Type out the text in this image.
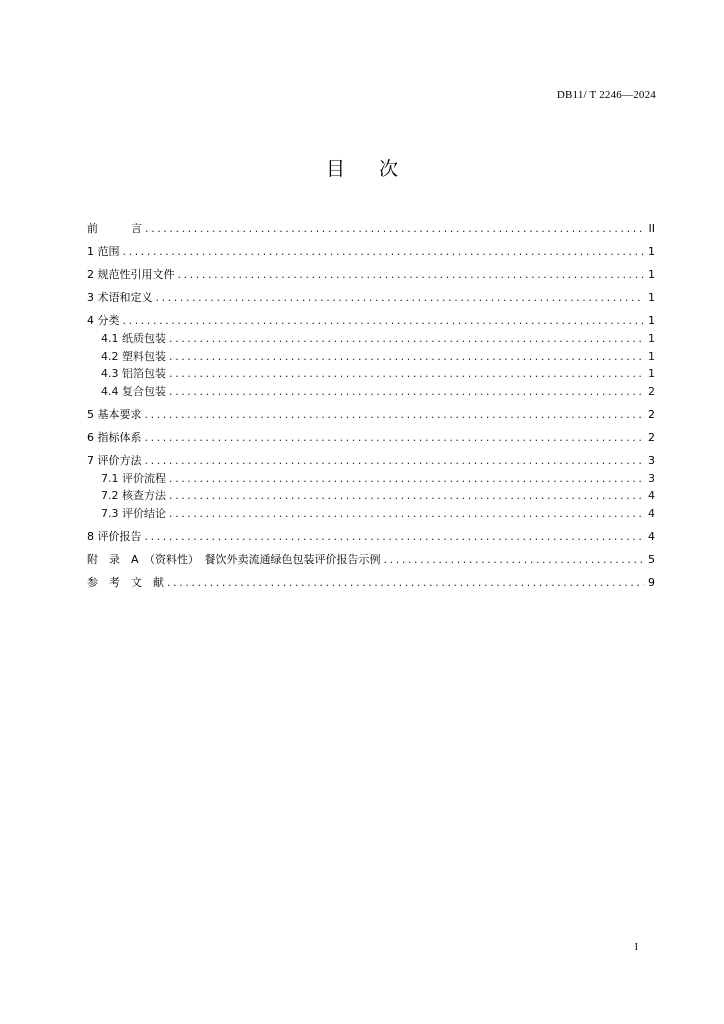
DB11/ T 2246—2024
目 次
前　　　言 .....	II
1 范围 .....	1
2 规范性引用文件 .....	1
3 术语和定义 .....	1
4 分类 .....	1
4.1 纸质包装 .....	1
4.2 塑料包装 .....	1
4.3 铝箔包装 .....	1
4.4 复合包装 .....	2
5 基本要求 .....	2
6 指标体系 .....	2
7 评价方法 .....	3
7.1 评价流程 .....	3
7.2 核查方法 .....	4
7.3 评价结论 .....	4
8 评价报告 .....	4
附　录　A　（资料性）　餐饮外卖流通绿色包装评价报告示例 .....	5
参　考　文　献 .....	9
I
